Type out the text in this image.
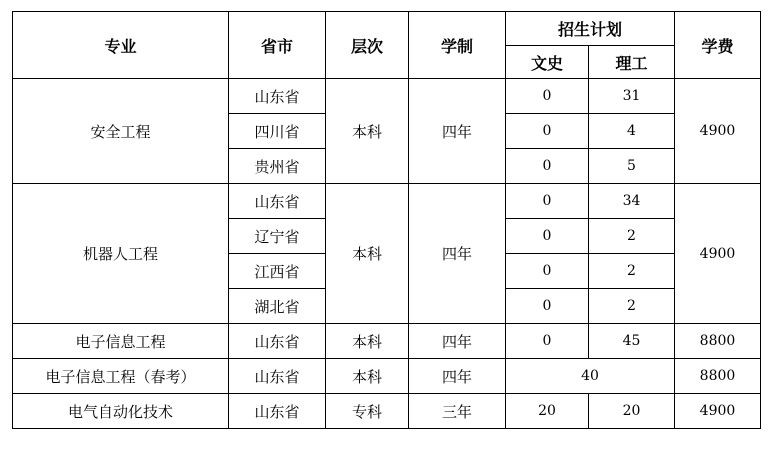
专业	省市	层次	学制	招生计划		学费
				文史	理工	
安全工程	山东省	本科	四年	0	31	4900
	四川省			0	4	
	贵州省			0	5	
机器人工程	山东省	本科	四年	0	34	4900
	辽宁省			0	2	
	江西省			0	2	
	湖北省			0	2	
电子信息工程	山东省	本科	四年	0	45	8800
电子信息工程（春考）	山东省	本科	四年	40		8800
电气自动化技术	山东省	专科	三年	20	20	4900
